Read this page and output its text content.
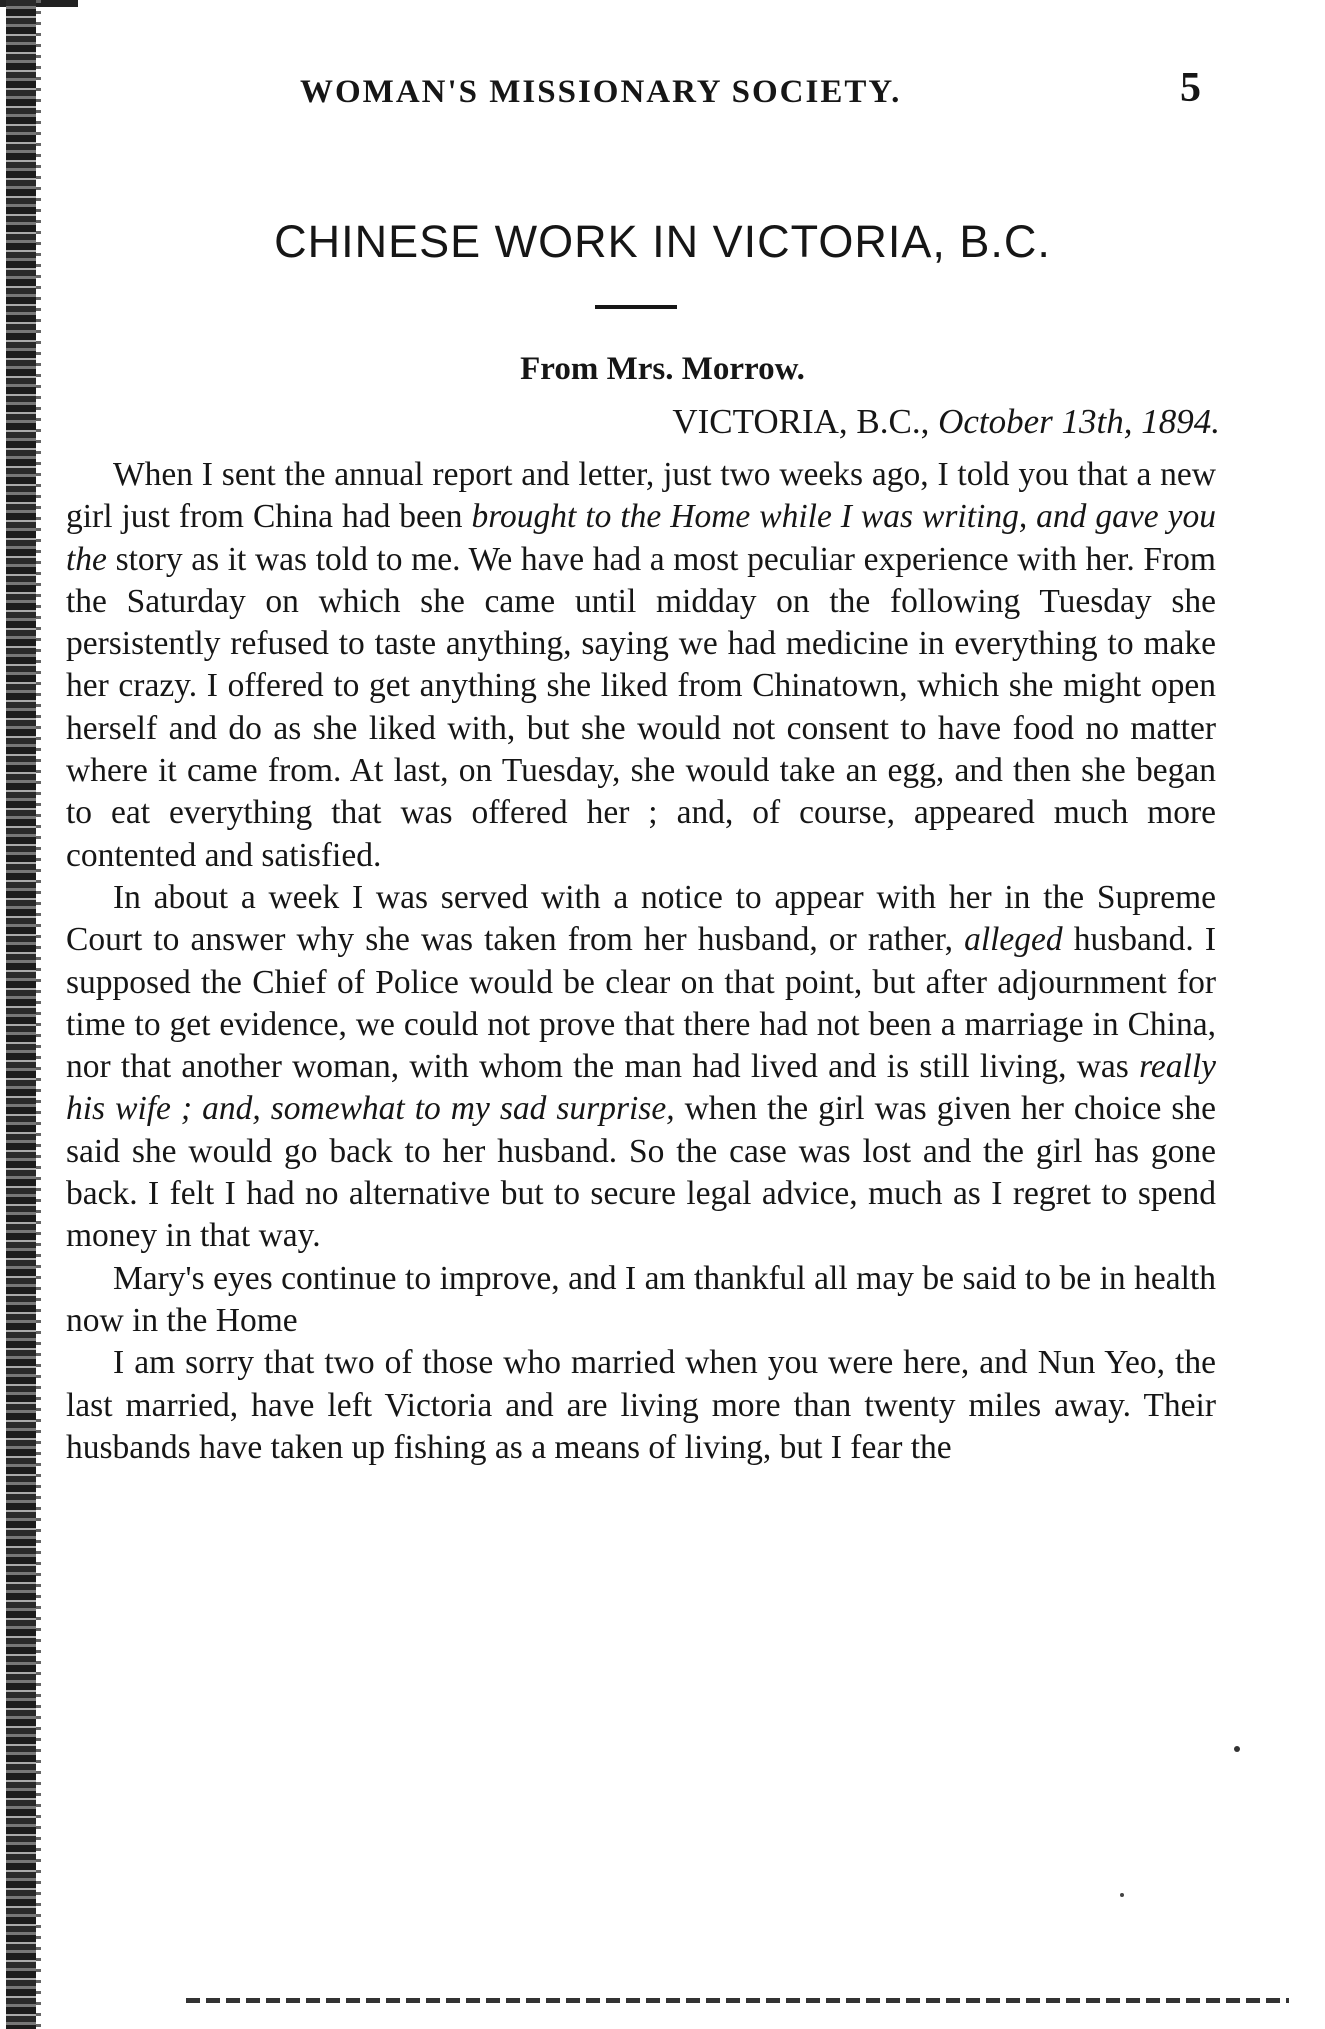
WOMAN'S MISSIONARY SOCIETY.	5
CHINESE WORK IN VICTORIA, B.C.
From Mrs. Morrow.
VICTORIA, B.C., October 13th, 1894.

When I sent the annual report and letter, just two weeks ago, I told you that a new girl just from China had been brought to the Home while I was writing, and gave you the story as it was told to me. We have had a most peculiar experience with her. From the Saturday on which she came until midday on the following Tuesday she persistently refused to taste anything, saying we had medicine in everything to make her crazy. I offered to get anything she liked from Chinatown, which she might open herself and do as she liked with, but she would not consent to have food no matter where it came from. At last, on Tuesday, she would take an egg, and then she began to eat everything that was offered her ; and, of course, appeared much more contented and satisfied.

In about a week I was served with a notice to appear with her in the Supreme Court to answer why she was taken from her husband, or rather, alleged husband. I supposed the Chief of Police would be clear on that point, but after adjournment for time to get evidence, we could not prove that there had not been a marriage in China, nor that another woman, with whom the man had lived and is still living, was really his wife ; and, somewhat to my sad surprise, when the girl was given her choice she said she would go back to her husband. So the case was lost and the girl has gone back. I felt I had no alternative but to secure legal advice, much as I regret to spend money in that way.

Mary's eyes continue to improve, and I am thankful all may be said to be in health now in the Home

I am sorry that two of those who married when you were here, and Nun Yeo, the last married, have left Victoria and are living more than twenty miles away. Their husbands have taken up fishing as a means of living, but I fear the
